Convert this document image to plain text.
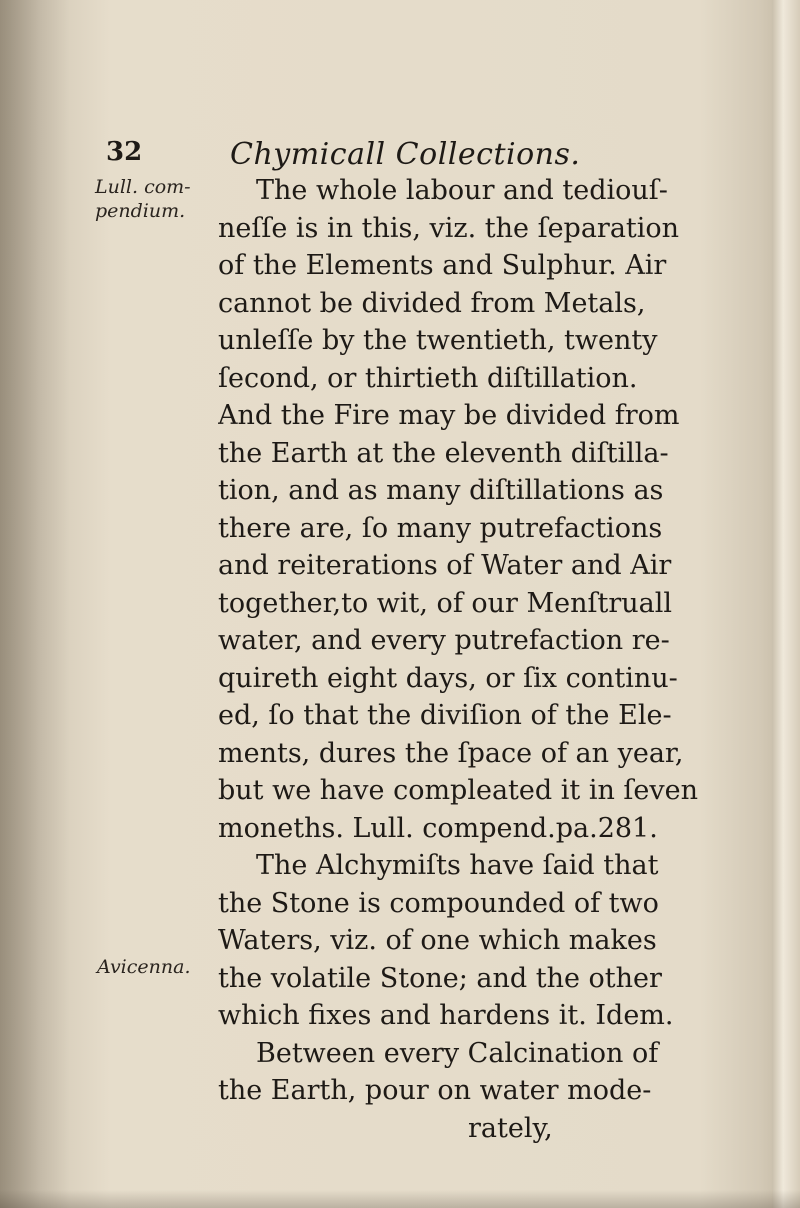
32	Chymicall Collections.
Lull. com-
pendium.
Avicenna.
The whole labour and tediouſ-
neſſe is in this, viz. the ſeparation
of the Elements and Sulphur. Air
cannot be divided from Metals,
unleſſe by the twentieth, twenty
ſecond, or thirtieth diſtillation.
And the Fire may be divided from
the Earth at the eleventh diſtilla-
tion, and as many diſtillations as
there are, ſo many putrefactions
and reiterations of Water and Air
together,to wit, of our Menſtruall
water, and every putrefaction re-
quireth eight days, or ſix continu-
ed, ſo that the diviſion of the Ele-
ments, dures the ſpace of an year,
but we have compleated it in ſeven
moneths. Lull. compend.pa.281.
The Alchymiſts have ſaid that
the Stone is compounded of two
Waters, viz. of one which makes
the volatile Stone; and the other
which fixes and hardens it. Idem.
Between every Calcination of
the Earth, pour on water mode-
rately,
